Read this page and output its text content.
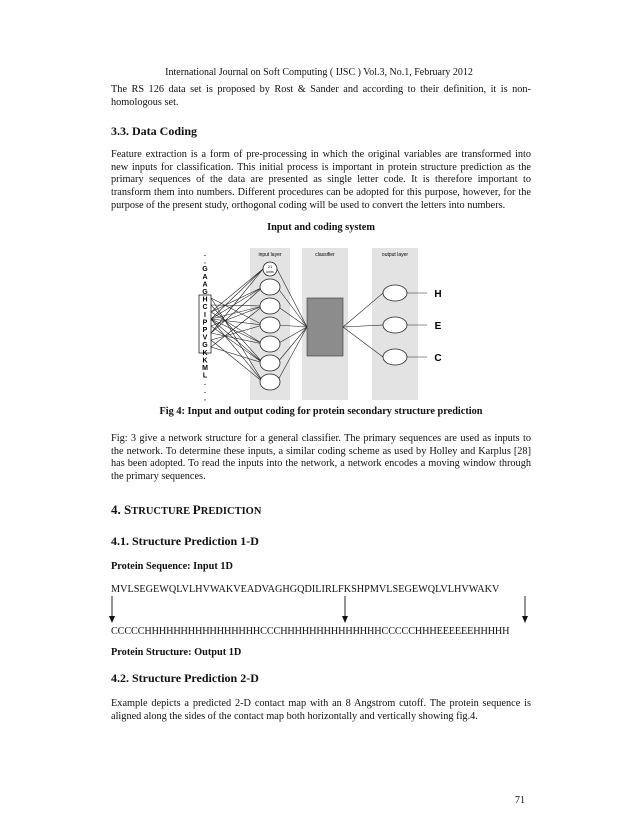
International Journal on Soft Computing ( IJSC ) Vol.3, No.1, February 2012

The RS 126 data set is proposed by Rost & Sander and according to their definition, it is non-homologous set.

3.3. Data Coding

Feature extraction is a form of pre-processing in which the original variables are transformed into new inputs for classification. This initial process is important in protein structure prediction as the primary sequences of the data are presented as single letter code. It is therefore important to transform them into numbers. Different procedures can be adopted for this purpose, however, for the purpose of the present study, orthogonal coding will be used to convert the letters into numbers.

Input and coding system

input layer	classifier	output layer
.
.
G
A
A
G
H
C
I
P
P
V
G
K
K
M
L
.
.
.
21
units
H
E
C

Fig 4: Input and output coding for protein secondary structure prediction

Fig: 3 give a network structure for a general classifier. The primary sequences are used as inputs to the network. To determine these inputs, a similar coding scheme as used by Holley and Karplus [28] has been adopted. To read the inputs into the network, a network encodes a moving window through the primary sequences.

4. STRUCTURE PREDICTION

4.1. Structure Prediction 1-D

Protein Sequence: Input 1D

MVLSEGEWQLVLHVWAKVEADVAGHGQDILIRLFKSHPMVLSEGEWQLVLHVWAKV

CCCCCHHHHHHHHHHHHHHHHCCCHHHHHHHHHHHHHHCCCCCHHHEEEEEEHHHHH

Protein Structure: Output 1D

4.2. Structure Prediction 2-D

Example depicts a predicted 2-D contact map with an 8 Angstrom cutoff. The protein sequence is aligned along the sides of the contact map both horizontally and vertically showing fig.4.

71
